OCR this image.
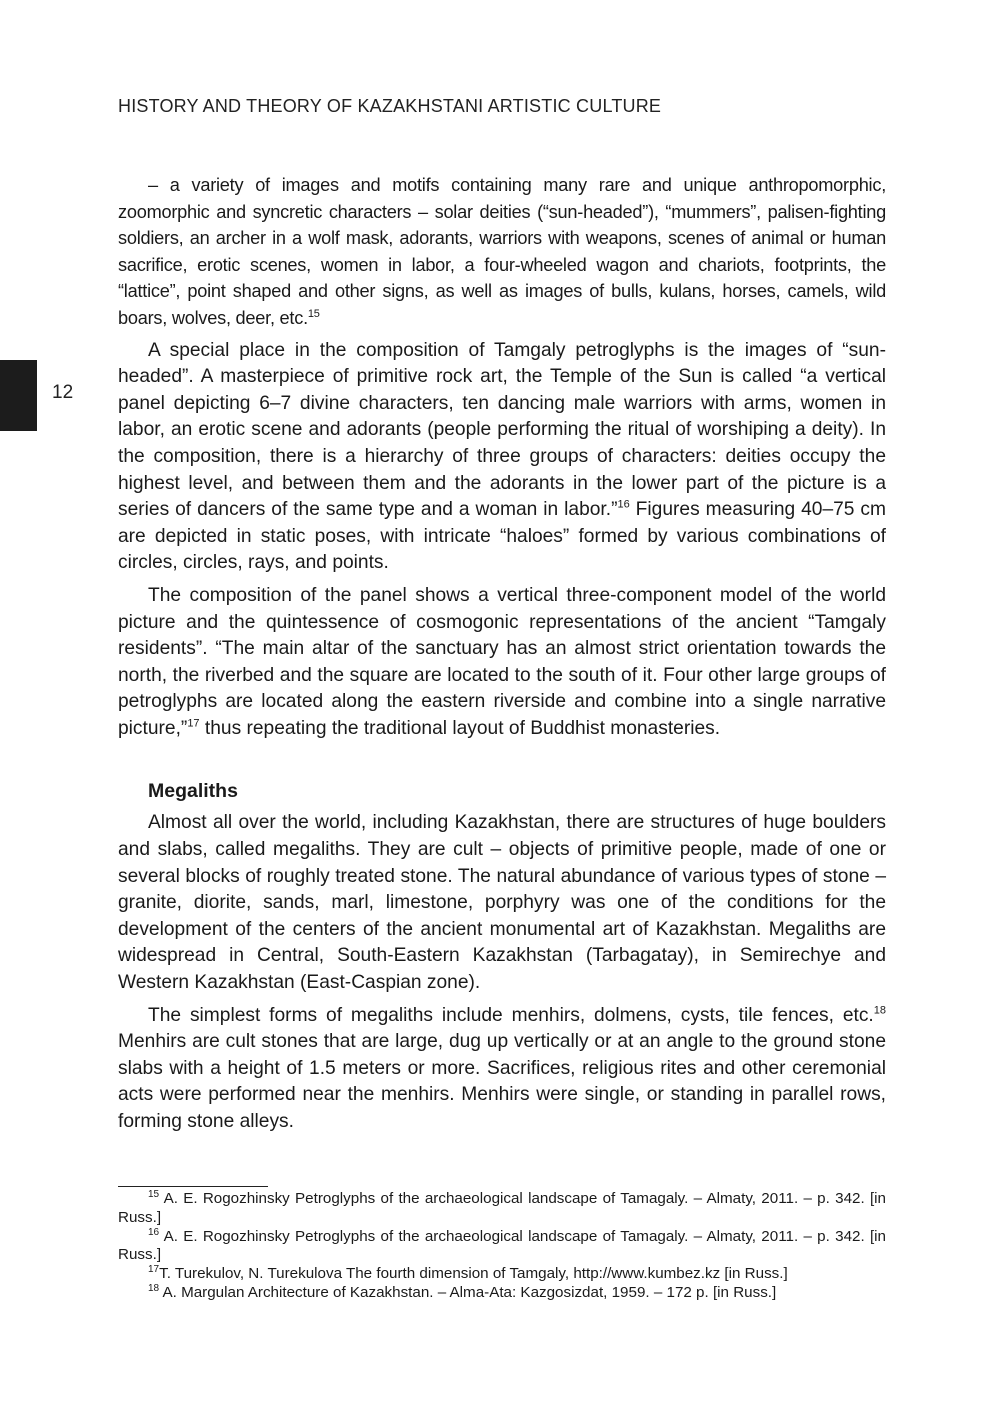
HISTORY AND THEORY OF KAZAKHSTANI ARTISTIC CULTURE
12

– a variety of images and motifs containing many rare and unique anthropomorphic, zoomorphic and syncretic characters – solar deities (“sun-headed”), “mummers”, palisen-fighting soldiers, an archer in a wolf mask, adorants, warriors with weapons, scenes of animal or human sacrifice, erotic scenes, women in labor, a four-wheeled wagon and chariots, footprints, the “lattice”, point shaped and other signs, as well as images of bulls, kulans, horses, camels, wild boars, wolves, deer, etc.$^{15}$

A special place in the composition of Tamgaly petroglyphs is the images of “sun-headed”. A masterpiece of primitive rock art, the Temple of the Sun is called “a vertical panel depicting 6–7 divine characters, ten dancing male warriors with arms, women in labor, an erotic scene and adorants (people performing the ritual of worshiping a deity). In the composition, there is a hierarchy of three groups of characters: deities occupy the highest level, and between them and the adorants in the lower part of the picture is a series of dancers of the same type and a woman in labor.”$^{16}$ Figures measuring 40–75 cm are depicted in static poses, with intricate “haloes” formed by various combinations of circles, circles, rays, and points.

The composition of the panel shows a vertical three-component model of the world picture and the quintessence of cosmogonic representations of the ancient “Tamgaly residents”. “The main altar of the sanctuary has an almost strict orientation towards the north, the riverbed and the square are located to the south of it. Four other large groups of petroglyphs are located along the eastern riverside and combine into a single narrative picture,”$^{17}$ thus repeating the traditional layout of Buddhist monasteries.

Megaliths

Almost all over the world, including Kazakhstan, there are structures of huge boulders and slabs, called megaliths. They are cult – objects of primitive people, made of one or several blocks of roughly treated stone. The natural abundance of various types of stone – granite, diorite, sands, marl, limestone, porphyry was one of the conditions for the development of the centers of the ancient monumental art of Kazakhstan. Megaliths are widespread in Central, South-Eastern Kazakhstan (Tarbagatay), in Semirechye and Western Kazakhstan (East-Caspian zone).

The simplest forms of megaliths include menhirs, dolmens, cysts, tile fences, etc.$^{18}$ Menhirs are cult stones that are large, dug up vertically or at an angle to the ground stone slabs with a height of 1.5 meters or more. Sacrifices, religious rites and other ceremonial acts were performed near the menhirs. Menhirs were single, or standing in parallel rows, forming stone alleys.

$^{15}$ A. E. Rogozhinsky Petroglyphs of the archaeological landscape of Tamagaly. – Almaty, 2011. – p. 342. [in Russ.]

$^{16}$ A. E. Rogozhinsky Petroglyphs of the archaeological landscape of Tamagaly. – Almaty, 2011. – p. 342. [in Russ.]

$^{17}$T. Turekulov, N. Turekulova The fourth dimension of Tamgaly, http://www.kumbez.kz [in Russ.]

$^{18}$ A. Margulan Architecture of Kazakhstan. – Alma-Ata: Kazgosizdat, 1959. – 172 p. [in Russ.]
